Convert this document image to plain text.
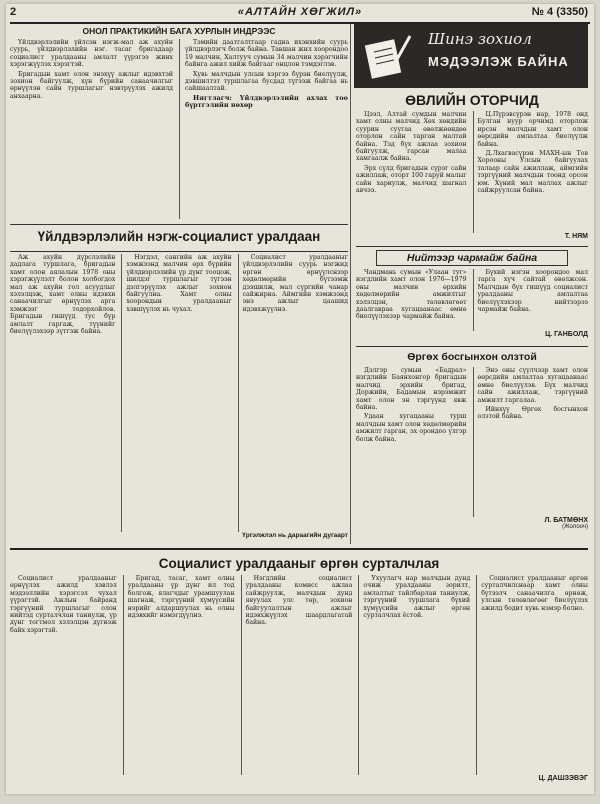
2	«АЛТАЙН ХӨГЖИЛ»	№ 4 (3350)
ОНОЛ ПРАКТИКИЙН БАГА ХУРЛЫН ИНДРЭЭС

Үйлдвэрлэлийн үйлсэн нэгж-мал аж ахуйн суурь, үйлдвэрлэлийн нэг. тасаг бригадаар социалист уралдааны амлалт үүрэгээ жинх хэрэгжүүлэх хэрэгтэй.

Бригадын хамт олон энэхүү ажлыг идэвхтэй зохион байгуулж, хүн бүрийн санаачилгыг өрнүүлэн сайн туршлагыг нэвтрүүлэх ажилд анхаарна.

Тэмийн даатгалтгаар гадна ихэнхийн суурь үйлдвэрлэгч болж байна. Тавшан жил хоорондоо 19 малчин, Халтууч сумын 34 малчин хэрэгчийн байнга ажил хийж байгааг онцлон тэмдэглэв.

Хувь малчдын улсын хэргээ бүрэн биелүүлж, дэвшилтэт туршлагаа бусдад түгээж байгаа нь сайшаалтай.

Нягтлагч: Үйлдвэрлэлийн ахлах тоо бүртгэлийн нөхөр

Үйлдвэрлэлийн нэгж-социалист уралдаан

Аж ахуйн дүрслэлийн дадлага туршлага, бригадын хамт олон аялалын 1978 оны хэрэгжүүлэлт болон холбогдох мал аж ахуйн гол асуудлыг хэлэлцэж, хамт олны идэвхи санаачилгыг өрнүүлэх арга хэмжээг тодорхойлов. Бригадын гишүүд тус бүр амлалт гаргаж, түүнийг биелүүлэхээр зүтгэж байна.

Нэгдэл, сангийн аж ахуйн хэмжээнд малчин өрх бүрийн үйлдвэрлэлийн үр дүнг тооцож, шилдэг туршлагыг түгээн дэлгэрүүлэх ажлыг зохион байгуулна. Хамт олны хоорондын уралдааныг хэвшүүлэх нь чухал.

Социалист уралдааныг үйлдвэрлэлийн суурь нэгжид өргөн өрнүүлснээр хөдөлмөрийн бүтээмж дээшилж, мал сүргийн чанар сайжирна. Аймгийн хэмжээнд энэ ажлыг цаашид идэвхжүүлнэ.

Үргэлжлэл нь дараагийн дугаарт
Шинэ зохиол
МЭДЭЭЛЭЖ БАЙНА
ӨВЛИЙН ОТОРЧИД

Цээл, Алтай сумдын малчин хамт олны малчид Хөх хөндийн суурин суугаа өвөлжөөндөө оторлон сайн тарган малтай байна. Тэд бүх ажлаа зохион байгуулж, гарсан малаа хамгаалж байна.

Эрх сүлд бригадын сүрэг сайн ажиллаж, оторт 100 гаруй малыг сайн хариулж, малчид шагнал авчээ.

Ц.Пүрэвсүрэн нар, 1978 онд Булган нуур орчимд оторлож ирсэн малчдын хамт олон өөрсдийн амлалтаа биелүүлж байна.

Д.Лхагвасүрэн МАХН-ын Тов Хорооны Улсын байгуулах талаар сайн ажиллаж, аймгийн тэргүүний малчдын тоонд орсон юм. Хүний мал маллах ажлыг сайжруулсан байна.

Т. НЯМ
Нийтээр чармайж байна

Чандмань сумын «Улаан туг» нэгдлийн хамт олон 1976—1979 оны малчин өрхийн хөдөлмөрийн амжилтыг хэлэлцэн, төлөвлөгөөт даалгавраа хугацаанаас өмнө биелүүлэхээр чармайж байна.

Бүхий нэгэн хоорондоо мал тарга хүч сайтай өвөлжсөн. Малчдын бүх гишүүд социалист уралдааны амлалтаа биелүүлэхээр нийтээрээ чармайж байна.

Ц. ГАНБОЛД
Өргөх босгынхон олзтой

Дэлгэр сумын «Бадрал» нэгдлийн Баянхонгор бригадын малчид эрхийн бригад, Доржийн, Бадамын нэрэмжит хамт олон эн тэргүүнд явж байна.

Удаан хугацааны турш малчдын хамт олон хөдөлмөрийн амжилт гарган, эх орондоо үлгэр болж байна.

Энэ оны сүүлчээр хамт олон өөрсдийн амлалтаа хугацаанаас өмнө биелүүлэв. Бүх малчид сайн ажиллаж, тэргүүний амжилт гаргалаа.

Ийнхүү Өргөх босгынхон олзтой байна.

Л. БАТМӨНХ
(Жолооч)
Социалист уралдааныг өргөн сурталчлая

Социалист уралдааныг өрнүүлэх ажилд хэвлэл мэдээллийн хэрэгсэл чухал үүрэгтэй. Ажлын байранд тэргүүний туршлагыг олон нийтэд сурталчлан таниулж, үр дүнг тогтмол хэлэлцэн дүгнэж байх хэрэгтэй.

Бригад, тасаг, хамт олны уралдааны үр дүнг ил тод болгож, ялагчдыг урамшуулан шагнаж, тэргүүний хүмүүсийн нэрийг алдаршуулах нь олны идэвхийг нэмэгдүүлнэ.

Нэгдлийн социалист уралдааны комисс ажлаа сайжруулж, малчдын дунд явуулах улс төр, зохион байгуулалтын ажлыг идэвхжүүлэх шаардлагатай байна.

Ухуулагч нар малчдын дунд очиж уралдааны зорилт, амлалтыг тайлбарлан таниулж, тэргүүний туршлага бүхий хүмүүсийн ажлыг өргөн сурталчлах ёстой.

Социалист уралдааныг өргөн сурталчилснаар хамт олны бүтээлч санаачилга өрнөж, улсын төлөвлөгөөг биелүүлэх ажилд бодит хувь нэмэр болно.

Ц. ДАШЗЭВЭГ
